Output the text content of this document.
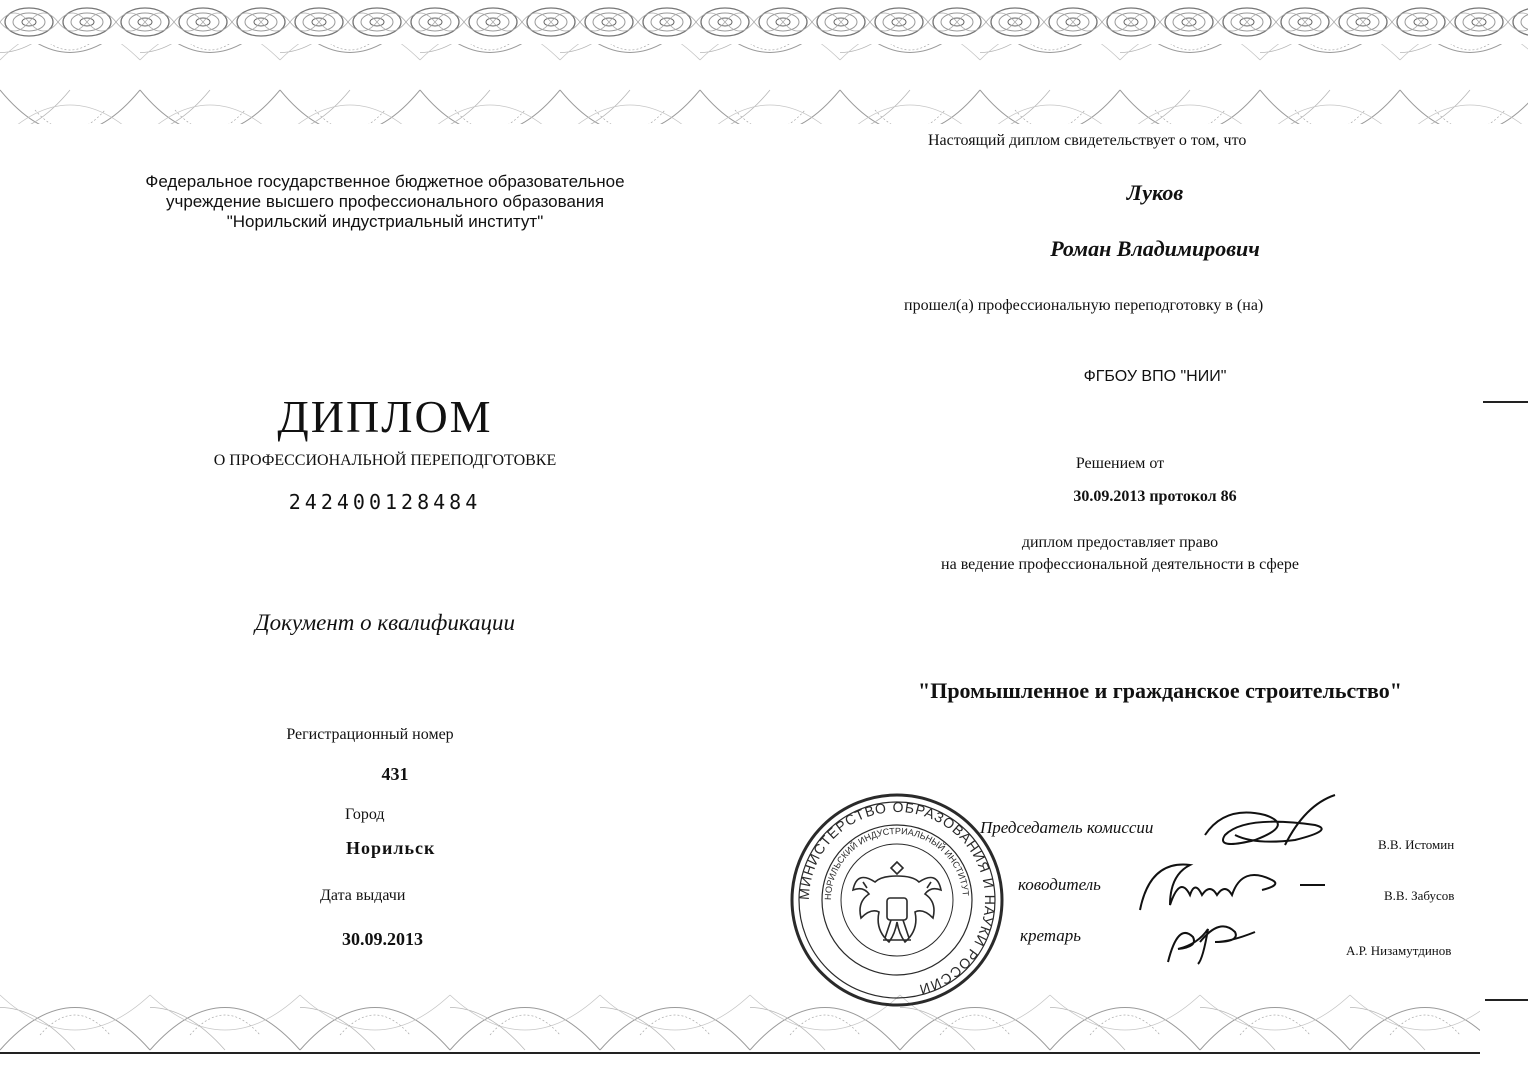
Федеральное государственное бюджетное образовательное
учреждение высшего профессионального образования
"Норильский индустриальный институт"
ДИПЛОМ
О ПРОФЕССИОНАЛЬНОЙ ПЕРЕПОДГОТОВКЕ
242400128484
Документ о квалификации
Регистрационный номер
431
Город
Норильск
Дата выдачи
30.09.2013
Настоящий диплом свидетельствует о том, что
Луков
Роман Владимирович
прошел(а) профессиональную переподготовку в (на)
ФГБОУ ВПО "НИИ"
Решением от
30.09.2013 протокол 86
диплом предоставляет право
на ведение профессиональной деятельности в сфере
"Промышленное и гражданское строительство"
МИНИСТЕРСТВО ОБРАЗОВАНИЯ И НАУКИ РОССИИ
НОРИЛЬСКИЙ ИНДУСТРИАЛЬНЫЙ ИНСТИТУТ
Председатель комиссии
В.В. Истомин
ководитель
В.В. Забусов
кретарь
А.Р. Низамутдинов
